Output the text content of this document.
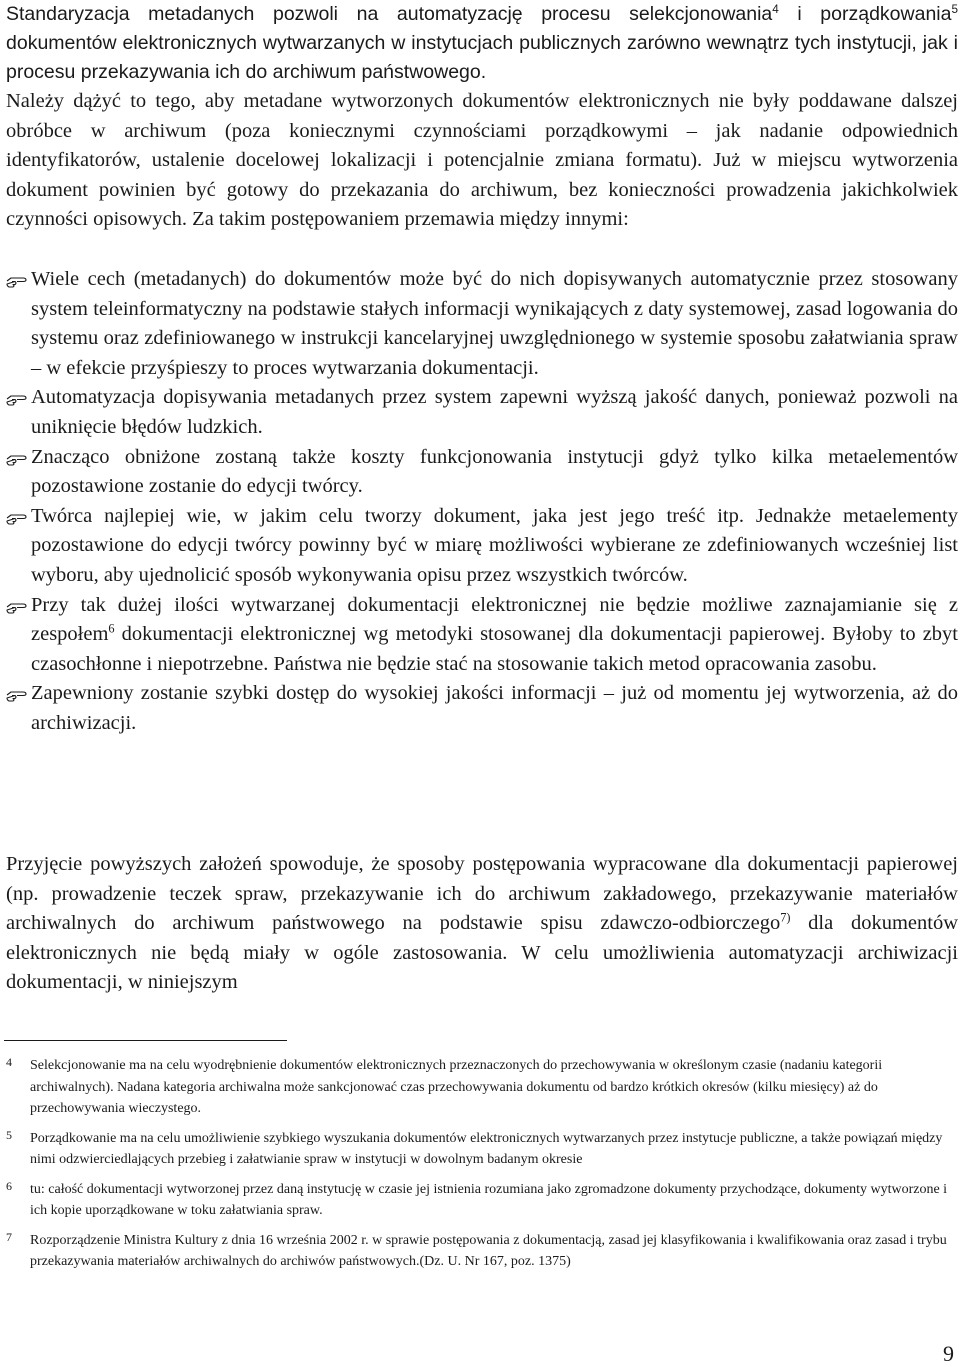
Standaryzacja metadanych pozwoli na automatyzację procesu selekcjonowania$^4$ i porządkowania$^5$ dokumentów elektronicznych wytwarzanych w instytucjach publicznych zarówno wewnątrz tych instytucji, jak i procesu przekazywania ich do archiwum państwowego.

Należy dążyć to tego, aby metadane wytworzonych dokumentów elektronicznych nie były poddawane dalszej obróbce w archiwum (poza koniecznymi czynnościami porządkowymi – jak nadanie odpowiednich identyfikatorów, ustalenie docelowej lokalizacji i potencjalnie zmiana formatu). Już w miejscu wytworzenia dokument powinien być gotowy do przekazania do archiwum, bez konieczności prowadzenia jakichkolwiek czynności opisowych. Za takim postępowaniem przemawia między innymi:

Wiele cech (metadanych) do dokumentów może być do nich dopisywanych automatycznie przez stosowany system teleinformatyczny na podstawie stałych informacji wynikających z daty systemowej, zasad logowania do systemu oraz zdefiniowanego w instrukcji kancelaryjnej uwzględnionego w systemie sposobu załatwiania spraw – w efekcie przyśpieszy to proces wytwarzania dokumentacji.
Automatyzacja dopisywania metadanych przez system zapewni wyższą jakość danych, ponieważ pozwoli na uniknięcie błędów ludzkich.
Znacząco obniżone zostaną także koszty funkcjonowania instytucji gdyż tylko kilka metaelementów pozostawione zostanie do edycji twórcy.
Twórca najlepiej wie, w jakim celu tworzy dokument, jaka jest jego treść itp. Jednakże metaelementy pozostawione do edycji twórcy powinny być w miarę możliwości wybierane ze zdefiniowanych wcześniej list wyboru, aby ujednolicić sposób wykonywania opisu przez wszystkich twórców.
Przy tak dużej ilości wytwarzanej dokumentacji elektronicznej nie będzie możliwe zaznajamianie się z zespołem$^6$ dokumentacji elektronicznej wg metodyki stosowanej dla dokumentacji papierowej. Byłoby to zbyt czasochłonne i niepotrzebne. Państwa nie będzie stać na stosowanie takich metod opracowania zasobu.
Zapewniony zostanie szybki dostęp do wysokiej jakości informacji – już od momentu jej wytworzenia, aż do archiwizacji.

Przyjęcie powyższych założeń spowoduje, że sposoby postępowania wypracowane dla dokumentacji papierowej (np. prowadzenie teczek spraw, przekazywanie ich do archiwum zakładowego, przekazywanie materiałów archiwalnych do archiwum państwowego na podstawie spisu zdawczo-odbiorczego$^{7)}$ dla dokumentów elektronicznych nie będą miały w ogóle zastosowania. W celu umożliwienia automatyzacji archiwizacji dokumentacji, w niniejszym

4 Selekcjonowanie ma na celu wyodrębnienie dokumentów elektronicznych przeznaczonych do przechowywania w określonym czasie (nadaniu kategorii archiwalnych). Nadana kategoria archiwalna może sankcjonować czas przechowywania dokumentu od bardzo krótkich okresów (kilku miesięcy) aż do przechowywania wieczystego.
5 Porządkowanie ma na celu umożliwienie szybkiego wyszukania dokumentów elektronicznych wytwarzanych przez instytucje publiczne, a także powiązań między nimi odzwierciedlających przebieg i załatwianie spraw w instytucji w dowolnym badanym okresie
6 tu: całość dokumentacji wytworzonej przez daną instytucję w czasie jej istnienia rozumiana jako zgromadzone dokumenty przychodzące, dokumenty wytworzone i ich kopie uporządkowane w toku załatwiania spraw.
7 Rozporządzenie Ministra Kultury z dnia 16 września 2002 r. w sprawie postępowania z dokumentacją, zasad jej klasyfikowania i kwalifikowania oraz zasad i trybu przekazywania materiałów archiwalnych do archiwów państwowych.(Dz. U. Nr 167, poz. 1375)
9
